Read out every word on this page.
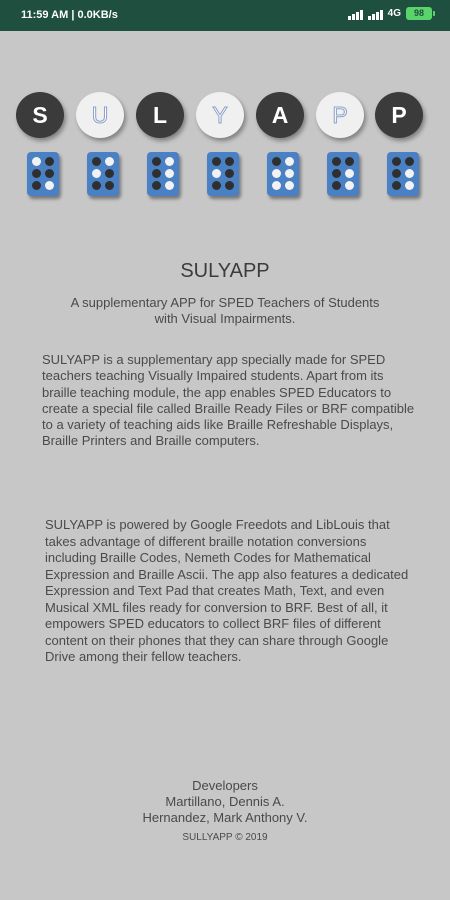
11:59 AM | 0.0KB/s	4G	98
S	U	L	Y	A	P	P
SULYAPP
A supplementary APP for SPED Teachers of Students with Visual Impairments.
SULYAPP is a supplementary app specially made for SPED teachers teaching Visually Impaired students. Apart from its braille teaching module, the app enables SPED Educators to create a special file called Braille Ready Files or BRF compatible to a variety of teaching aids like Braille Refreshable Displays, Braille Printers and Braille computers.
SULYAPP is powered by Google Freedots and LibLouis that takes advantage of different braille notation conversions including Braille Codes, Nemeth Codes for Mathematical Expression and Braille Ascii. The app also features a dedicated Expression and Text Pad that creates Math, Text, and even Musical XML files ready for conversion to BRF. Best of all, it empowers SPED educators to collect BRF files of different content on their phones that they can share through Google Drive among their fellow teachers.
Developers
Martillano, Dennis A.
Hernandez, Mark Anthony V.
SULLYAPP © 2019
